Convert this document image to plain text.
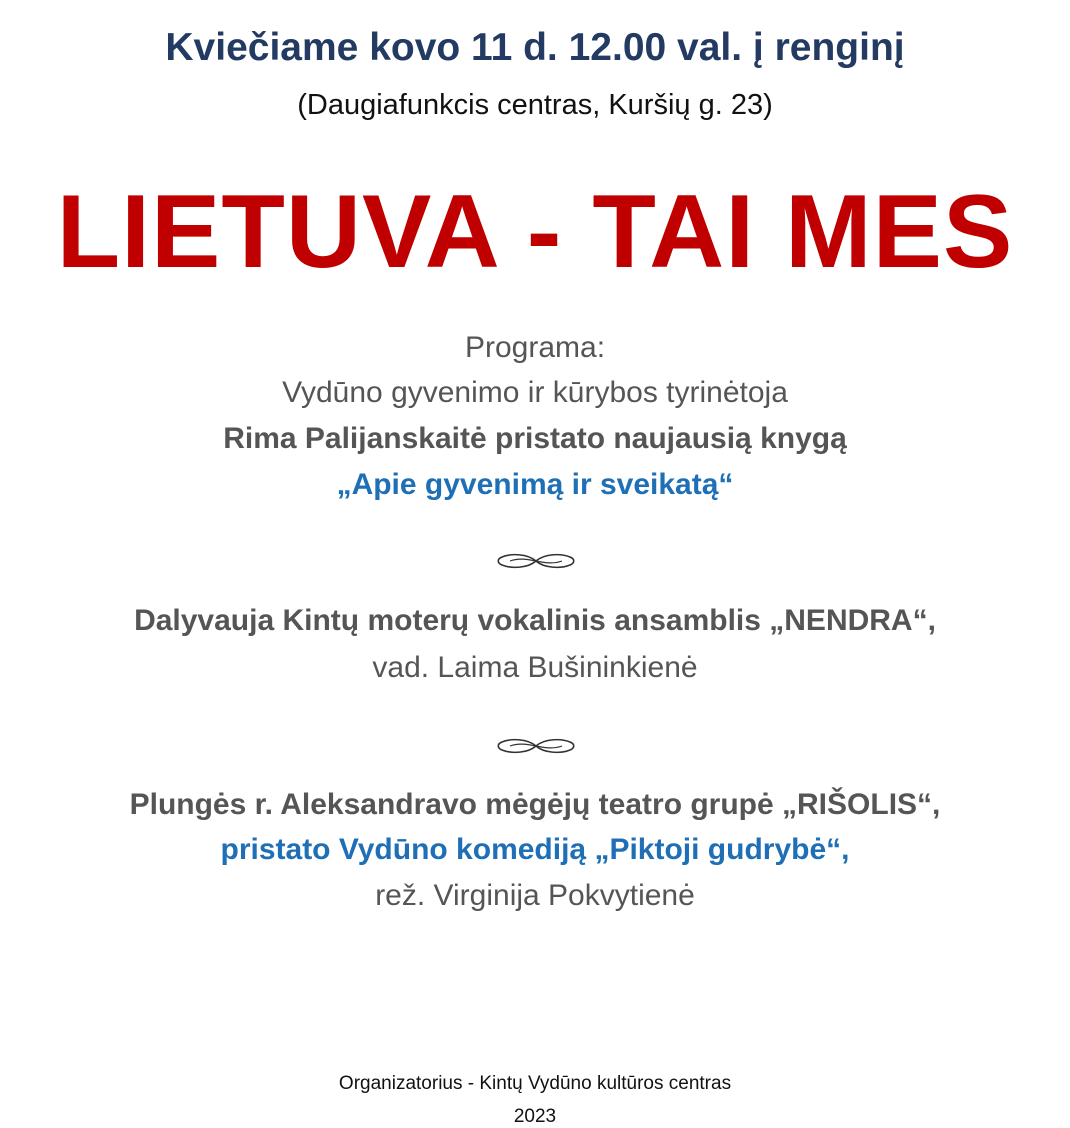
Kviečiame kovo 11 d. 12.00 val. į renginį
(Daugiafunkcis centras, Kuršių g. 23)
LIETUVA - TAI MES
Programa:
Vydūno gyvenimo ir kūrybos tyrinėtoja
Rima Palijanskaitė pristato naujausią knygą
„Apie gyvenimą ir sveikatą“
Dalyvauja Kintų moterų vokalinis ansamblis „NENDRA“,
vad. Laima Bušininkienė
Plungės r. Aleksandravo mėgėjų teatro grupė „RIŠOLIS“,
pristato Vydūno komediją „Piktoji gudrybė“,
rež. Virginija Pokvytienė
Organizatorius - Kintų Vydūno kultūros centras
2023
